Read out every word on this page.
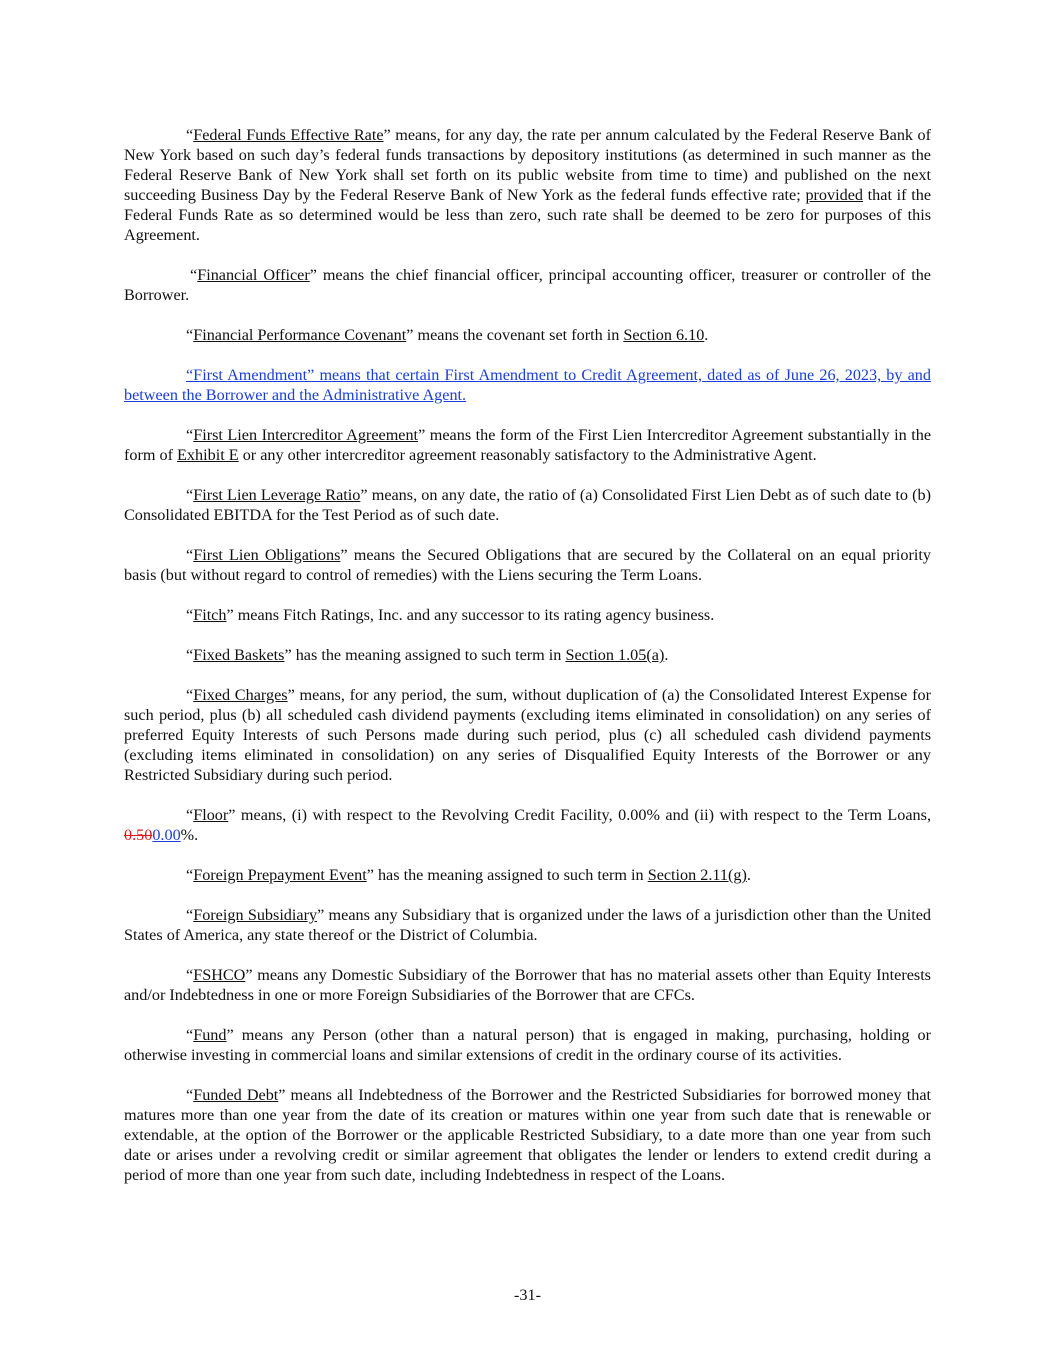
“Federal Funds Effective Rate” means, for any day, the rate per annum calculated by the Federal Reserve Bank of New York based on such day’s federal funds transactions by depository institutions (as determined in such manner as the Federal Reserve Bank of New York shall set forth on its public website from time to time) and published on the next succeeding Business Day by the Federal Reserve Bank of New York as the federal funds effective rate; provided that if the Federal Funds Rate as so determined would be less than zero, such rate shall be deemed to be zero for purposes of this Agreement.

“Financial Officer” means the chief financial officer, principal accounting officer, treasurer or controller of the Borrower.

“Financial Performance Covenant” means the covenant set forth in Section 6.10.

“First Amendment” means that certain First Amendment to Credit Agreement, dated as of June 26, 2023, by and between the Borrower and the Administrative Agent.

“First Lien Intercreditor Agreement” means the form of the First Lien Intercreditor Agreement substantially in the form of Exhibit E or any other intercreditor agreement reasonably satisfactory to the Administrative Agent.

“First Lien Leverage Ratio” means, on any date, the ratio of (a) Consolidated First Lien Debt as of such date to (b) Consolidated EBITDA for the Test Period as of such date.

“First Lien Obligations” means the Secured Obligations that are secured by the Collateral on an equal priority basis (but without regard to control of remedies) with the Liens securing the Term Loans.

“Fitch” means Fitch Ratings, Inc. and any successor to its rating agency business.

“Fixed Baskets” has the meaning assigned to such term in Section 1.05(a).

“Fixed Charges” means, for any period, the sum, without duplication of (a) the Consolidated Interest Expense for such period, plus (b) all scheduled cash dividend payments (excluding items eliminated in consolidation) on any series of preferred Equity Interests of such Persons made during such period, plus (c) all scheduled cash dividend payments (excluding items eliminated in consolidation) on any series of Disqualified Equity Interests of the Borrower or any Restricted Subsidiary during such period.

“Floor” means, (i) with respect to the Revolving Credit Facility, 0.00% and (ii) with respect to the Term Loans, 0.500.00%.

“Foreign Prepayment Event” has the meaning assigned to such term in Section 2.11(g).

“Foreign Subsidiary” means any Subsidiary that is organized under the laws of a jurisdiction other than the United States of America, any state thereof or the District of Columbia.

“FSHCO” means any Domestic Subsidiary of the Borrower that has no material assets other than Equity Interests and/or Indebtedness in one or more Foreign Subsidiaries of the Borrower that are CFCs.

“Fund” means any Person (other than a natural person) that is engaged in making, purchasing, holding or otherwise investing in commercial loans and similar extensions of credit in the ordinary course of its activities.

“Funded Debt” means all Indebtedness of the Borrower and the Restricted Subsidiaries for borrowed money that matures more than one year from the date of its creation or matures within one year from such date that is renewable or extendable, at the option of the Borrower or the applicable Restricted Subsidiary, to a date more than one year from such date or arises under a revolving credit or similar agreement that obligates the lender or lenders to extend credit during a period of more than one year from such date, including Indebtedness in respect of the Loans.

-31-
